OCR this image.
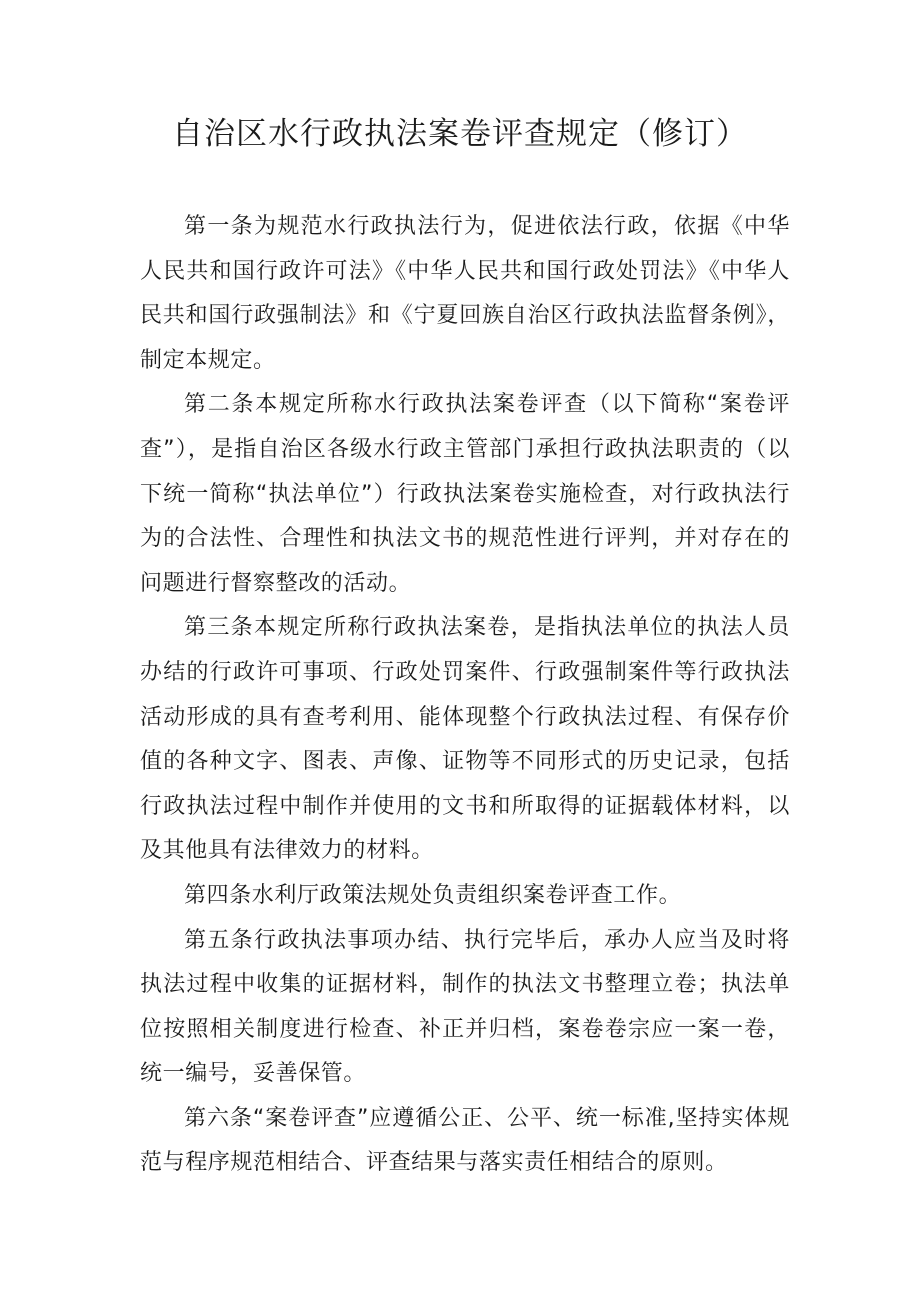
自治区水行政执法案卷评查规定（修订）

第一条为规范水行政执法行为，促进依法行政，依据《中华人民共和国行政许可法》《中华人民共和国行政处罚法》《中华人民共和国行政强制法》和《宁夏回族自治区行政执法监督条例》，制定本规定。

第二条本规定所称水行政执法案卷评查（以下简称“案卷评查”），是指自治区各级水行政主管部门承担行政执法职责的（以下统一简称“执法单位”）行政执法案卷实施检查，对行政执法行为的合法性、合理性和执法文书的规范性进行评判，并对存在的问题进行督察整改的活动。

第三条本规定所称行政执法案卷，是指执法单位的执法人员办结的行政许可事项、行政处罚案件、行政强制案件等行政执法活动形成的具有查考利用、能体现整个行政执法过程、有保存价值的各种文字、图表、声像、证物等不同形式的历史记录，包括行政执法过程中制作并使用的文书和所取得的证据载体材料，以及其他具有法律效力的材料。

第四条水利厅政策法规处负责组织案卷评查工作。

第五条行政执法事项办结、执行完毕后，承办人应当及时将执法过程中收集的证据材料，制作的执法文书整理立卷；执法单位按照相关制度进行检查、补正并归档，案卷卷宗应一案一卷，统一编号，妥善保管。

第六条“案卷评查”应遵循公正、公平、统一标准,坚持实体规范与程序规范相结合、评查结果与落实责任相结合的原则。
